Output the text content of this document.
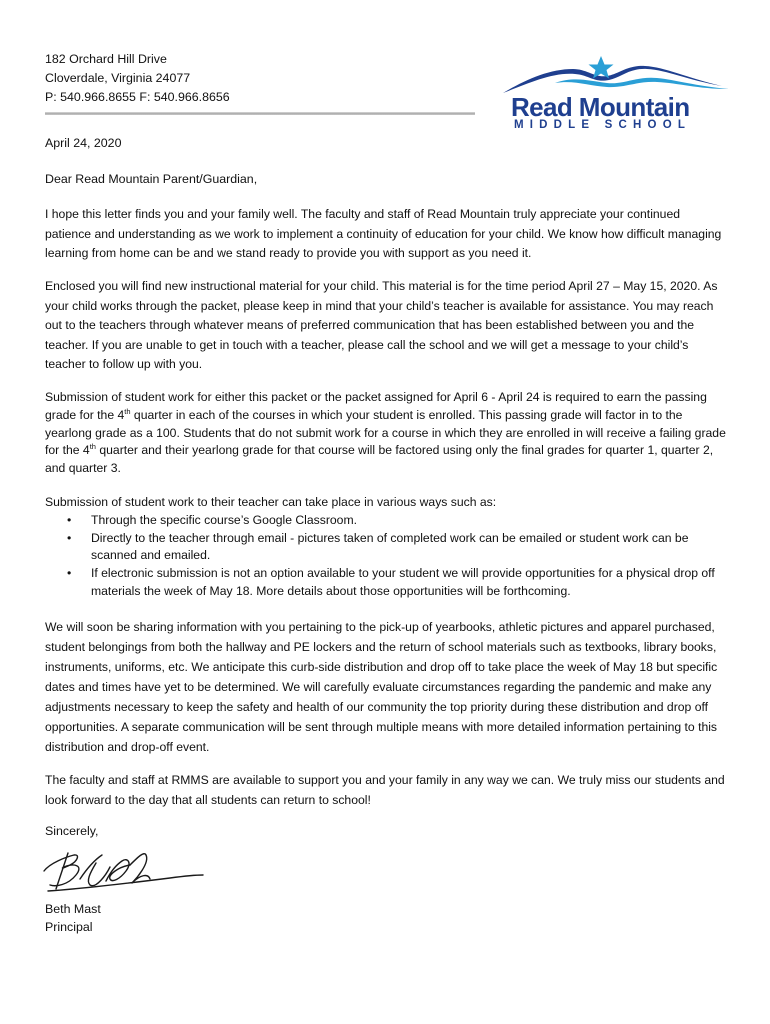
182 Orchard Hill Drive
Cloverdale, Virginia 24077
P: 540.966.8655 F: 540.966.8656	Read Mountain
MIDDLE SCHOOL
April 24, 2020
Dear Read Mountain Parent/Guardian,

I hope this letter finds you and your family well. The faculty and staff of Read Mountain truly appreciate your continued patience and understanding as we work to implement a continuity of education for your child. We know how difficult managing learning from home can be and we stand ready to provide you with support as you need it.

Enclosed you will find new instructional material for your child. This material is for the time period April 27 – May 15, 2020. As your child works through the packet, please keep in mind that your child’s teacher is available for assistance. You may reach out to the teachers through whatever means of preferred communication that has been established between you and the teacher. If you are unable to get in touch with a teacher, please call the school and we will get a message to your child’s teacher to follow up with you.

Submission of student work for either this packet or the packet assigned for April 6 - April 24 is required to earn the passing grade for the 4th quarter in each of the courses in which your student is enrolled. This passing grade will factor in to the yearlong grade as a 100. Students that do not submit work for a course in which they are enrolled in will receive a failing grade for the 4th quarter and their yearlong grade for that course will be factored using only the final grades for quarter 1, quarter 2, and quarter 3.

Submission of student work to their teacher can take place in various ways such as:

• Through the specific course’s Google Classroom.
• Directly to the teacher through email - pictures taken of completed work can be emailed or student work can be scanned and emailed.
• If electronic submission is not an option available to your student we will provide opportunities for a physical drop off materials the week of May 18. More details about those opportunities will be forthcoming.

We will soon be sharing information with you pertaining to the pick-up of yearbooks, athletic pictures and apparel purchased, student belongings from both the hallway and PE lockers and the return of school materials such as textbooks, library books, instruments, uniforms, etc. We anticipate this curb-side distribution and drop off to take place the week of May 18 but specific dates and times have yet to be determined. We will carefully evaluate circumstances regarding the pandemic and make any adjustments necessary to keep the safety and health of our community the top priority during these distribution and drop off opportunities. A separate communication will be sent through multiple means with more detailed information pertaining to this distribution and drop-off event.

The faculty and staff at RMMS are available to support you and your family in any way we can. We truly miss our students and look forward to the day that all students can return to school!

Sincerely,
Beth Mast
Principal
